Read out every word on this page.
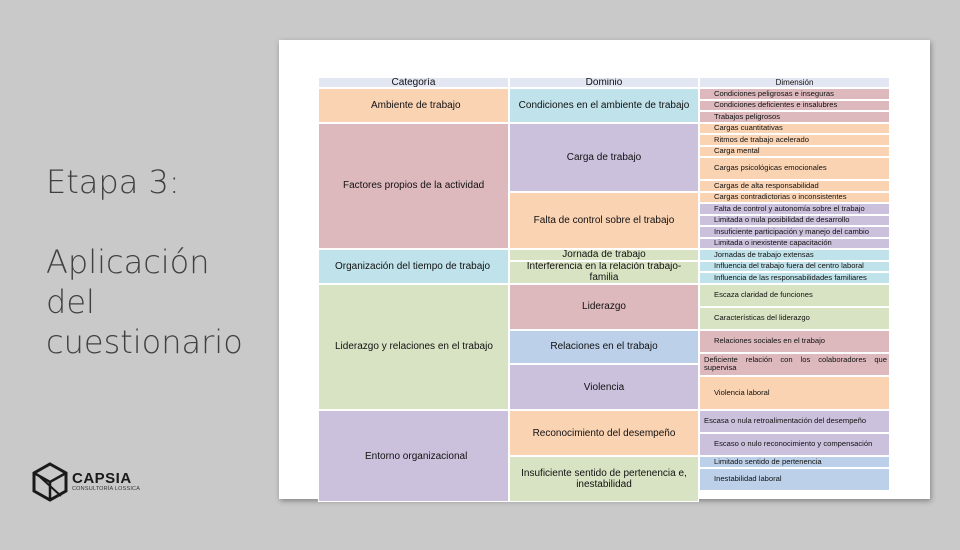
Etapa 3:
Aplicación del cuestionario
CAPSIA
CONSULTORÍA LOSSICA
Categoría	Dominio	Dimensión
Ambiente de trabajo
Factores propios de la actividad
Organización del tiempo de trabajo
Liderazgo y relaciones en el trabajo
Entorno organizacional
Condiciones en el ambiente de trabajo
Carga de trabajo
Falta de control sobre el trabajo
Jornada de trabajo
Interferencia en la relación trabajo-familia
Liderazgo
Relaciones en el trabajo
Violencia
Reconocimiento del desempeño
Insuficiente sentido de pertenencia e, inestabilidad
Condiciones peligrosas e inseguras
Condiciones deficientes e insalubres
Trabajos peligrosos
Cargas cuantitativas
Ritmos de trabajo acelerado
Carga mental
Cargas psicológicas emocionales
Cargas de alta responsabilidad
Cargas contradictorias o inconsistentes
Falta de control y autonomía sobre el trabajo
Limitada o nula posibilidad de desarrollo
Insuficiente participación y manejo del cambio
Limitada o inexistente capacitación
Jornadas de trabajo extensas
Influencia del trabajo fuera del centro laboral
Influencia de las responsabilidades familiares
Escaza claridad de funciones
Características del liderazgo
Relaciones sociales en el trabajo
Deficiente relación con los colaboradores que supervisa
Violencia laboral
Escasa o nula retroalimentación del desempeño
Escaso o nulo reconocimiento y compensación
Limitado sentido de pertenencia
Inestabilidad laboral
